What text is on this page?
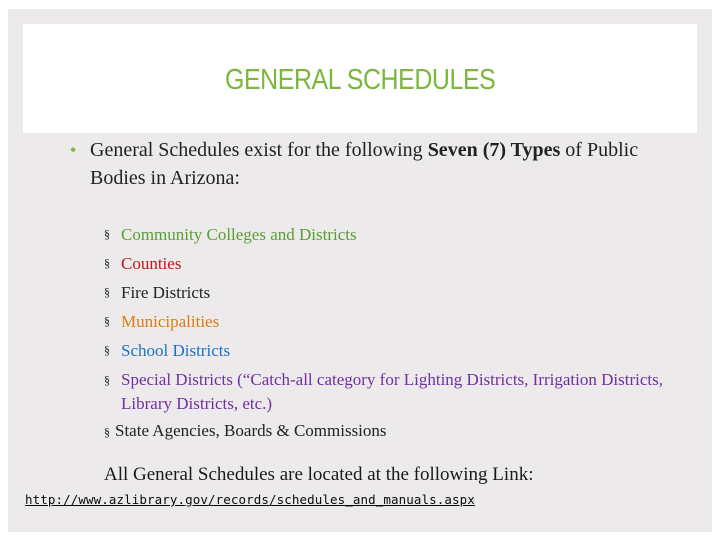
GENERAL SCHEDULES
• General Schedules exist for the following Seven (7) Types of Public Bodies in Arizona:
§ Community Colleges and Districts
§ Counties
§ Fire Districts
§ Municipalities
§ School Districts
§ Special Districts (“Catch-all category for Lighting Districts, Irrigation Districts, Library Districts, etc.)
§ State Agencies, Boards & Commissions
All General Schedules are located at the following Link:
http://www.azlibrary.gov/records/schedules_and_manuals.aspx
